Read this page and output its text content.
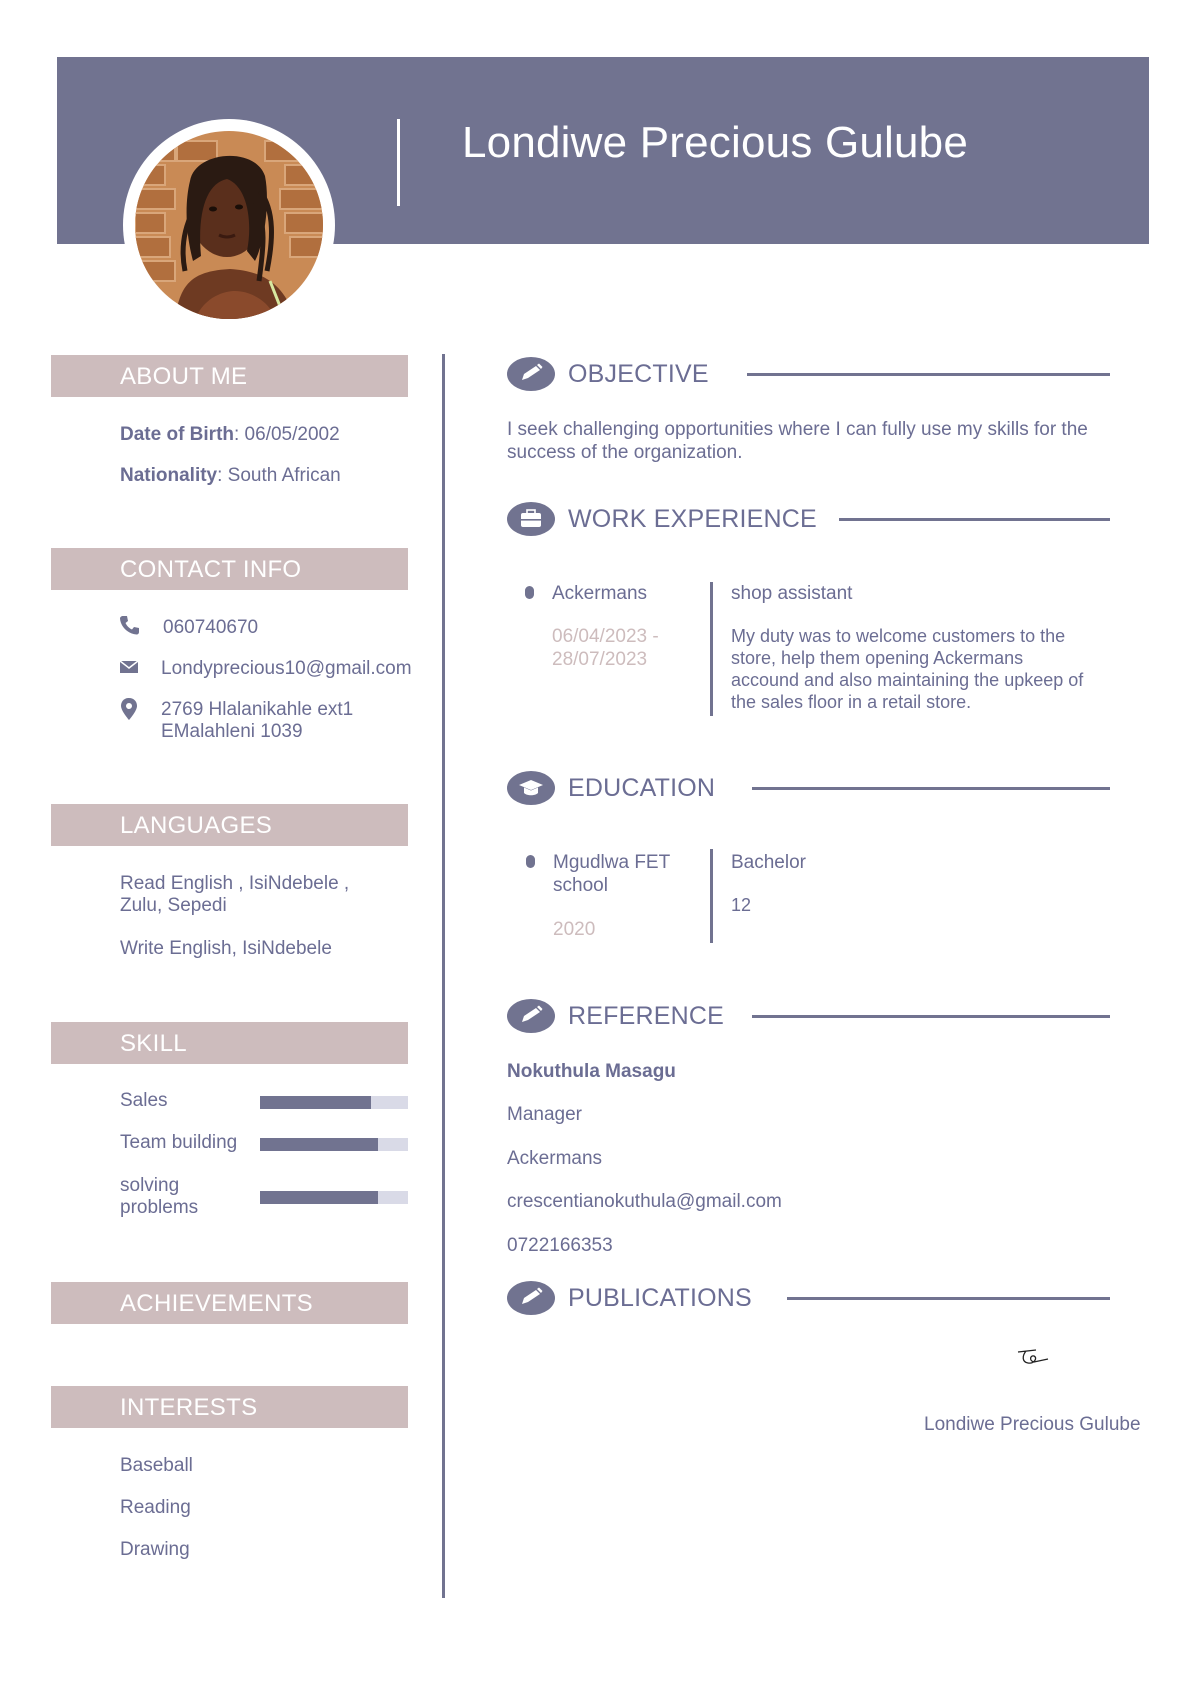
Londiwe Precious Gulube
ABOUT ME
Date of Birth: 06/05/2002
Nationality: South African
CONTACT INFO
060740670
Londyprecious10@gmail.com
2769 Hlalanikahle ext1
EMalahleni 1039
LANGUAGES
Read English , IsiNdebele ,
Zulu, Sepedi
Write English, IsiNdebele
SKILL
Sales
Team building
solving
problems
ACHIEVEMENTS
INTERESTS
Baseball
Reading
Drawing
OBJECTIVE
I seek challenging opportunities where I can fully use my skills for the
success of the organization.
WORK EXPERIENCE
Ackermans
06/04/2023 -
28/07/2023
shop assistant
My duty was to welcome customers to the
store, help them opening Ackermans
accound and also maintaining the upkeep of
the sales floor in a retail store.
EDUCATION
Mgudlwa FET
school
2020
Bachelor
12
REFERENCE
Nokuthula Masagu
Manager
Ackermans
crescentianokuthula@gmail.com
0722166353
PUBLICATIONS
Londiwe Precious Gulube
